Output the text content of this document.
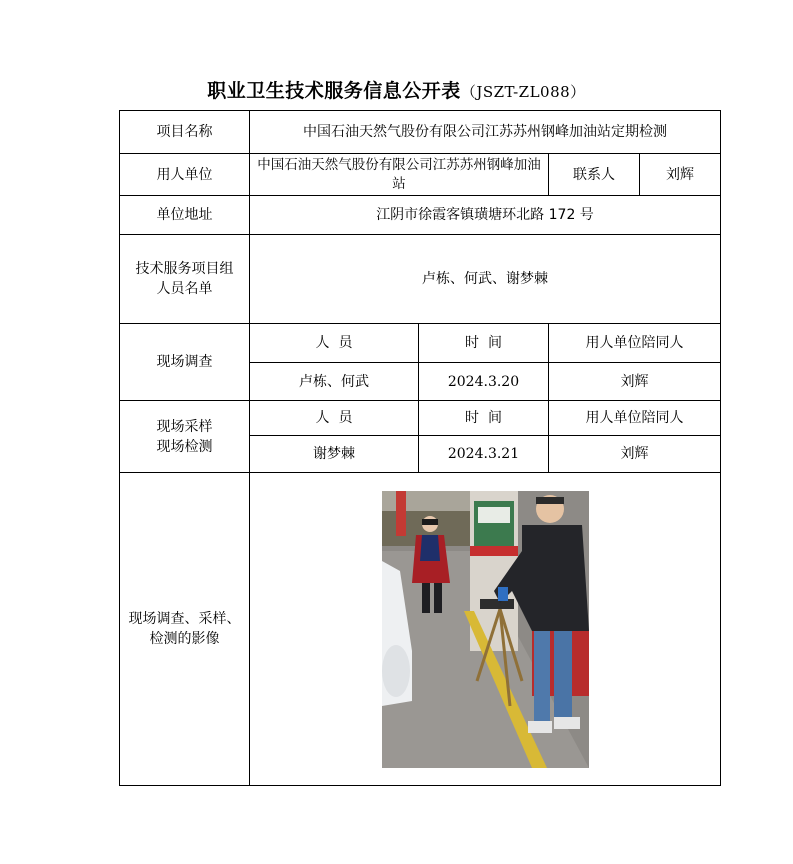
职业卫生技术服务信息公开表（JSZT-ZL088）
项目名称	中国石油天然气股份有限公司江苏苏州钢峰加油站定期检测			
用人单位	中国石油天然气股份有限公司江苏苏州钢峰加油站		联系人	刘辉
单位地址	江阴市徐霞客镇璜塘环北路 172 号			
技术服务项目组人员名单	卢栋、何武、谢梦棘			
现场调查	人  员	时  间	用人单位陪同人	
	卢栋、何武	2024.3.20	刘辉	

现场采样
现场检测	人  员	时  间	用人单位陪同人	
	谢梦棘	2024.3.21	刘辉	
现场调查、采样、检测的影像	
